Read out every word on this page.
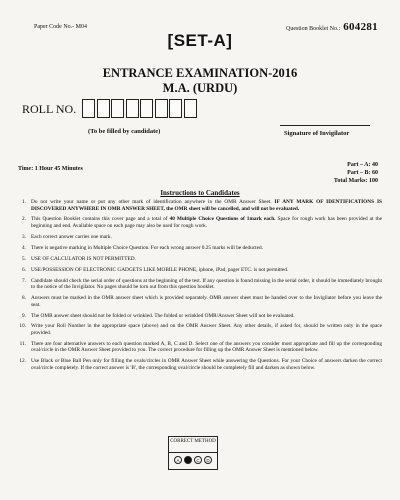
Paper Code No.- M04	Question Booklet No.: 604281
[SET-A]
ENTRANCE EXAMINATION-2016
M.A. (URDU)
ROLL NO.
(To be filled by candidate)	Signature of Invigilator
Time: 1 Hour 45 Minutes
Part – A: 40
Part – B: 60
Total Marks: 100
Instructions to Candidates
1. Do not write your name or put any other mark of identification anywhere in the OMR Answer Sheet. IF ANY MARK OF IDENTIFICATIONS IS DISCOVERED ANYWHERE IN OMR ANSWER SHEET, the OMR sheet will be cancelled, and will not be evaluated.
2. This Question Booklet contains this cover page and a total of 40 Multiple Choice Questions of 1mark each. Space for rough work has been provided at the beginning and end. Available space on each page may also be used for rough work.
3. Each correct answer carries one mark.
4. There is negative marking in Multiple Choice Question. For each wrong answer 0.25 marks will be deducted.
5. USE OF CALCULATOR IS NOT PERMITTED.
6. USE/POSSESSION OF ELECTRONIC GADGETS LIKE MOBILE PHONE, iphone, iPad, pager ETC. is not permitted.
7. Candidate should check the serial order of questions at the beginning of the test. If any question is found missing in the serial order, it should be immediately brought to the notice of the Invigilator. No pages should be torn out from this question booklet.
8. Answers must be marked in the OMR answer sheet which is provided separately. OMR answer sheet must be handed over to the Invigilator before you leave the seat.
9. The OMR answer sheet should not be folded or wrinkled. The folded or wrinkled OMR/Answer Sheet will not be evaluated.
10. Write your Roll Number in the appropriate space (above) and on the OMR Answer Sheet. Any other details, if asked for, should be written only in the space provided.
11. There are four alternative answers to each question marked A, B, C and D. Select one of the answers you consider most appropriate and fill up the corresponding oval/circle in the OMR Answer Sheet provided to you. The correct procedure for filling up the OMR Answer Sheet is mentioned below.
12. Use Black or Blue Ball Pen only for filling the ovals/circles in OMR Answer Sheet while answering the Questions. For your Choice of answers darken the correct oval/circle completely. If the correct answer is 'B', the corresponding oval/circle should be completely fill and darken as shown below.
CORRECT METHOD
A	C	D
